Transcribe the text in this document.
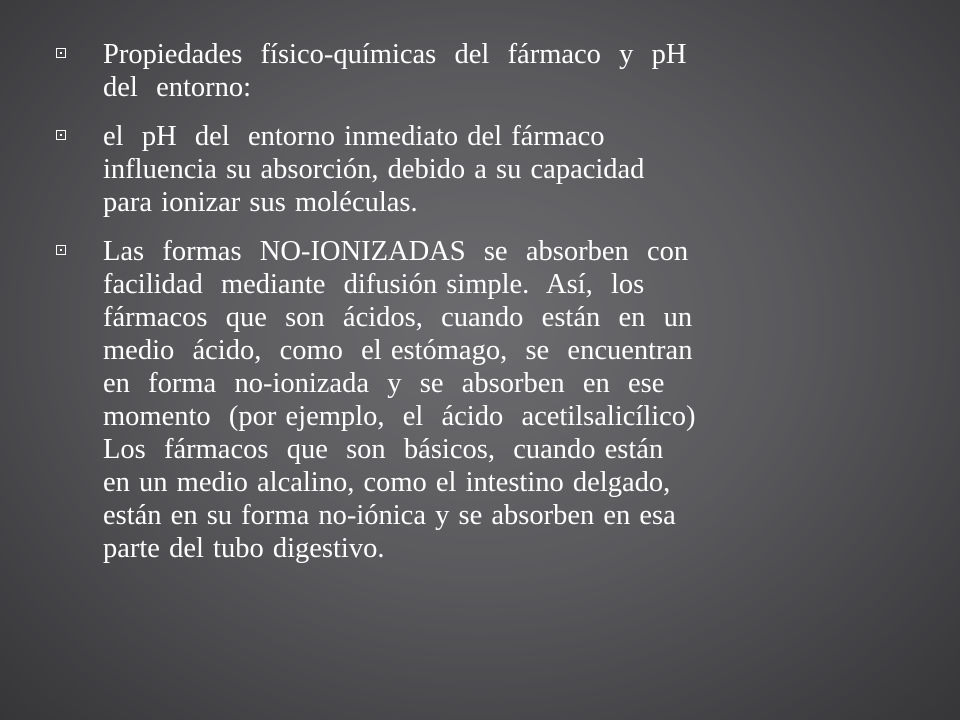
Propiedades  físico-químicas  del  fármaco  y  pH
del  entorno:
el  pH  del  entorno inmediato del fármaco
influencia su absorción, debido a su capacidad
para ionizar sus moléculas.
Las  formas  NO-IONIZADAS  se  absorben  con
facilidad  mediante  difusión simple.  Así,  los
fármacos  que  son  ácidos,  cuando  están  en  un
medio  ácido,  como  el estómago,  se  encuentran
en  forma  no-ionizada  y  se  absorben  en  ese
momento  (por ejemplo,  el  ácido  acetilsalicílico)
Los  fármacos  que  son  básicos,  cuando están
en un medio alcalino, como el intestino delgado,
están en su forma no-iónica y se absorben en esa
parte del tubo digestivo.
